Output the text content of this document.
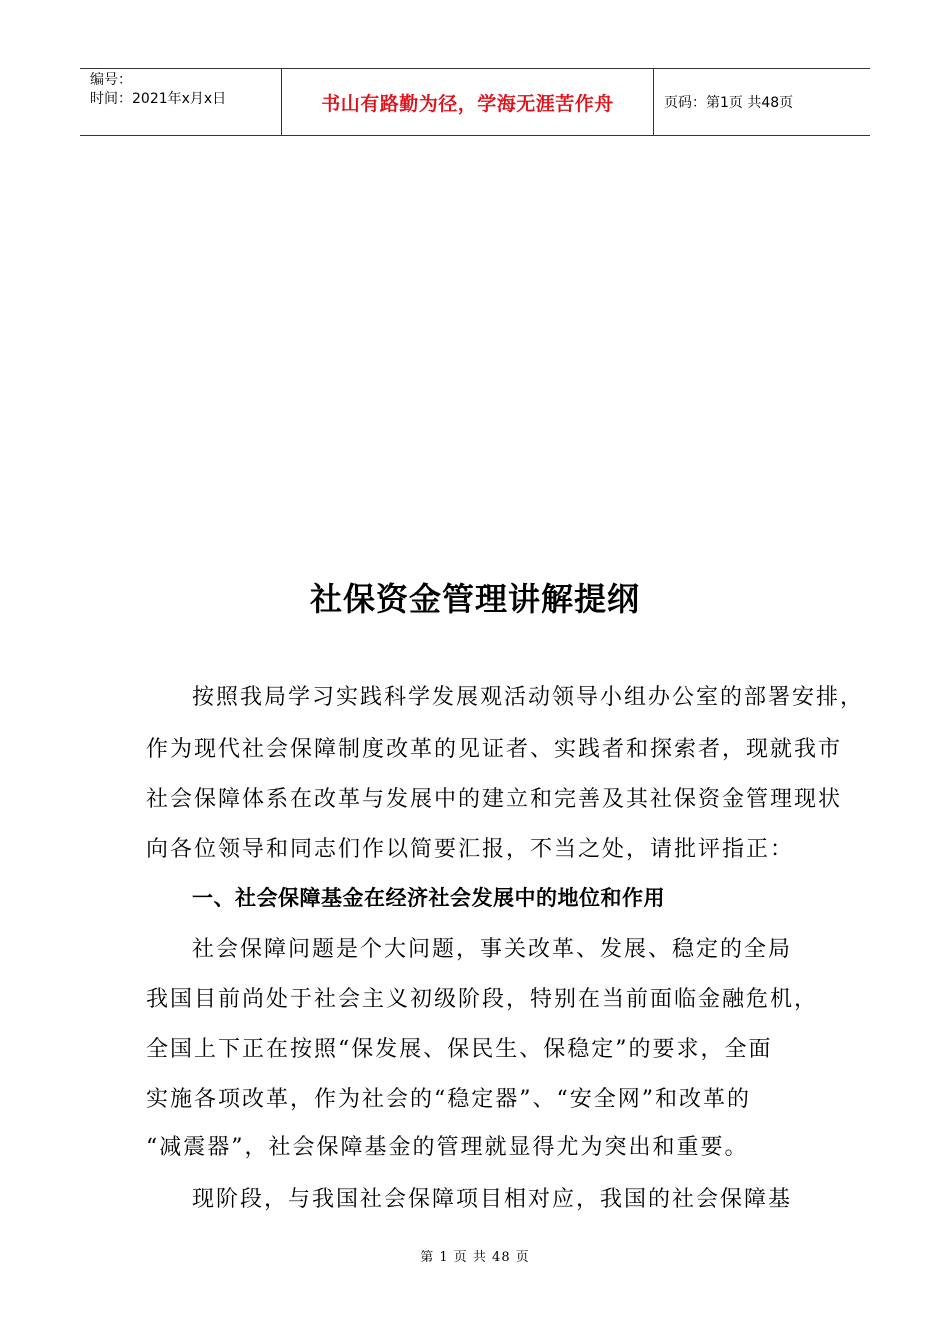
编号：
时间：2021年x月x日	书山有路勤为径，学海无涯苦作舟	页码：第1页 共48页
社保资金管理讲解提纲
按照我局学习实践科学发展观活动领导小组办公室的部署安排，
作为现代社会保障制度改革的见证者、实践者和探索者，现就我市
社会保障体系在改革与发展中的建立和完善及其社保资金管理现状
向各位领导和同志们作以简要汇报，不当之处，请批评指正：
一、社会保障基金在经济社会发展中的地位和作用
社会保障问题是个大问题，事关改革、发展、稳定的全局
我国目前尚处于社会主义初级阶段，特别在当前面临金融危机，
全国上下正在按照“保发展、保民生、保稳定”的要求，全面
实施各项改革，作为社会的“稳定器”、“安全网”和改革的
“减震器”，社会保障基金的管理就显得尤为突出和重要。
现阶段，与我国社会保障项目相对应，我国的社会保障基
第 1 页 共 48 页
